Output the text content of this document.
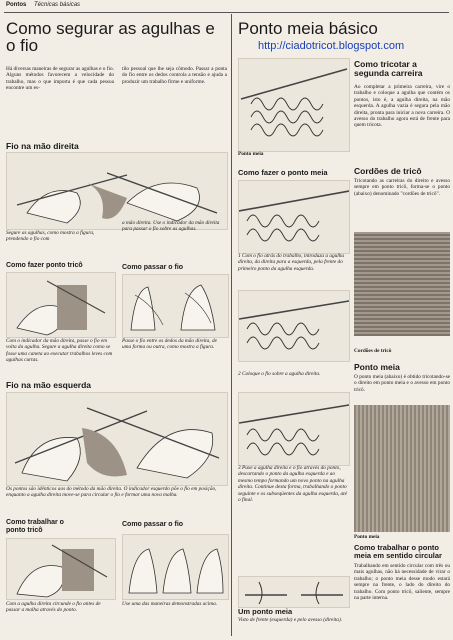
Pontos Técnicas básicas
Como segurar as agulhas e o fio
Há diversas maneiras de segurar as agulhas e o fio. Alguns métodos favorecem a velocidade do trabalho, mas o que importa é que cada pessoa encontre um es-
tilo pessoal que lhe seja cômodo. Passar a ponta do fio entre os dedos controla a tensão e ajuda a produzir um trabalho firme e uniforme.
Fio na mão direita
Segure as agulhas, como mostra a figura, prendendo o fio com
a mão direita. Use o indicador da mão direita para passar o fio sobre as agulhas.
Como fazer ponto tricô
Com o indicador da mão direita, passe o fio em volta da agulha. Segure a agulha direita como se fosse uma caneta ao executar trabalhos leves com agulhas curtas.
Como passar o fio
Passe o fio entre os dedos da mão direita, de uma forma ou outra, como mostra a figura.
Fio na mão esquerda
Os pontos são idênticos aos do método da mão direita. O indicador esquerdo põe o fio em posição, enquanto a agulha direita move-se para circular o fio e formar uma nova malha.
Como trabalhar o ponto tricô
Com a agulha direita circunde o fio antes de passar a malha através do ponto.
Como passar o fio
Use uma das maneiras demonstradas acima.
Ponto meia básico
http://ciadotricot.blogspot.com
Ponto meia
Como fazer o ponto meia
1 Com o fio atrás do trabalho, introduza a agulha direita, da direita para a esquerda, pela frente do primeiro ponto da agulha esquerda.
2 Coloque o fio sobre a agulha direita.
3 Puxe a agulha direita e o fio através do ponto, descartando o ponto da agulha esquerda e ao mesmo tempo formando um novo ponto na agulha direita. Continue desta forma, trabalhando o ponto seguinte e os subseqüentes da agulha esquerda, até o final.
Um ponto meia
Visto de frente (esquerda) e pelo avesso (direita).
Como tricotar a segunda carreira
Ao completar a primeira carreira, vire o trabalho e coloque a agulha que contém os pontos, isto é, a agulha direita, na mão esquerda. A agulha vazia é segura pela mão direita, pronta para iniciar a nova carreira. O avesso do trabalho agora está de frente para quem tricota.
Cordões de tricô
Tricotando as carreiras do direito e avesso sempre em ponto tricô, forma-se o ponto (abaixo) denominado "cordões de tricô".
Cordões de tricô
Ponto meia
O ponto meia (abaixo) é obtido tricotando-se o direito em ponto meia e o avesso em ponto tricô.
Ponto meia
Como trabalhar o ponto meia em sentido circular
Trabalhando em sentido circular com três ou mais agulhas, não há necessidade de virar o trabalho; o ponto meia desse modo estará sempre na frente, o lado do direito do trabalho. Com ponto tricô, saliente, sempre na parte interna.
